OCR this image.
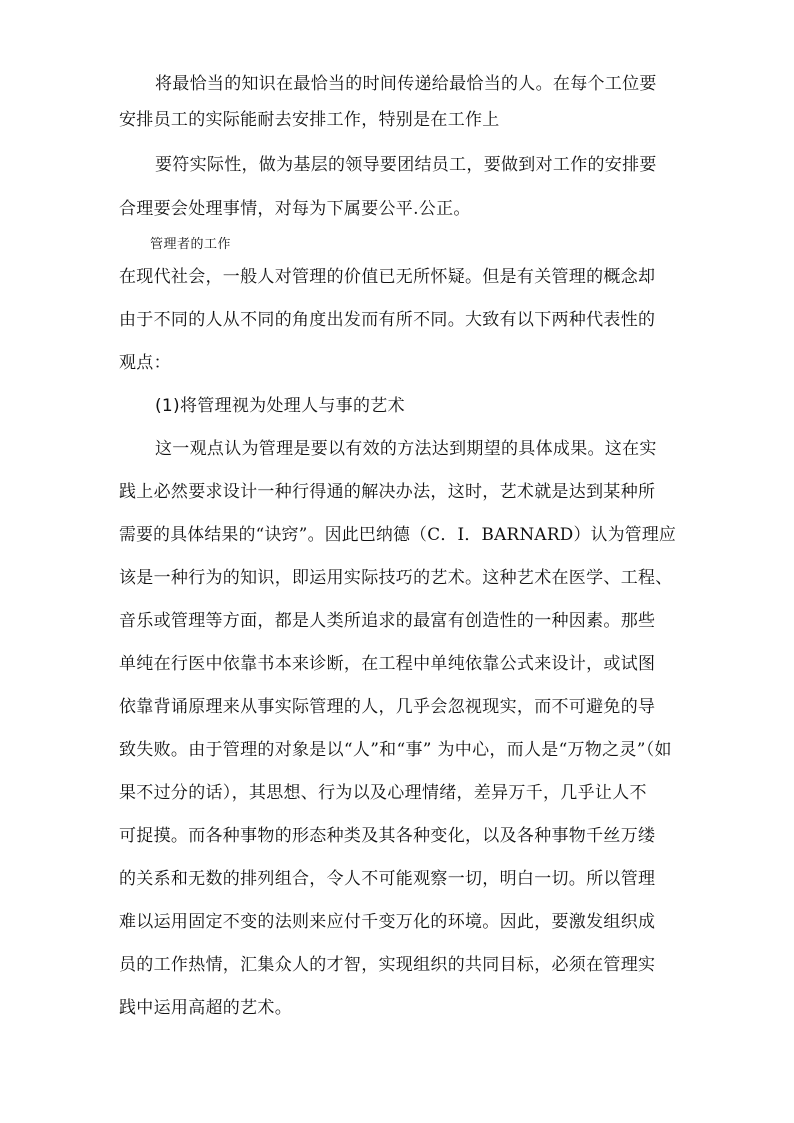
将最恰当的知识在最恰当的时间传递给最恰当的人。在每个工位要
安排员工的实际能耐去安排工作，特别是在工作上
要符实际性，做为基层的领导要团结员工，要做到对工作的安排要
合理要会处理事情，对每为下属要公平.公正。
管理者的工作
在现代社会，一般人对管理的价值已无所怀疑。但是有关管理的概念却
由于不同的人从不同的角度出发而有所不同。大致有以下两种代表性的
观点：
(1)将管理视为处理人与事的艺术
这一观点认为管理是要以有效的方法达到期望的具体成果。这在实
践上必然要求设计一种行得通的解决办法，这时，艺术就是达到某种所
需要的具体结果的“诀窍”。因此巴纳德（C．I．BARNARD）认为管理应
该是一种行为的知识，即运用实际技巧的艺术。这种艺术在医学、工程、
音乐或管理等方面，都是人类所追求的最富有创造性的一种因素。那些
单纯在行医中依靠书本来诊断，在工程中单纯依靠公式来设计，或试图
依靠背诵原理来从事实际管理的人，几乎会忽视现实，而不可避免的导
致失败。由于管理的对象是以“人”和“事” 为中心，而人是“万物之灵”（如
果不过分的话），其思想、行为以及心理情绪，差异万千，几乎让人不
可捉摸。而各种事物的形态种类及其各种变化，以及各种事物千丝万缕
的关系和无数的排列组合，令人不可能观察一切，明白一切。所以管理
难以运用固定不变的法则来应付千变万化的环境。因此，要激发组织成
员的工作热情，汇集众人的才智，实现组织的共同目标，必须在管理实
践中运用高超的艺术。
